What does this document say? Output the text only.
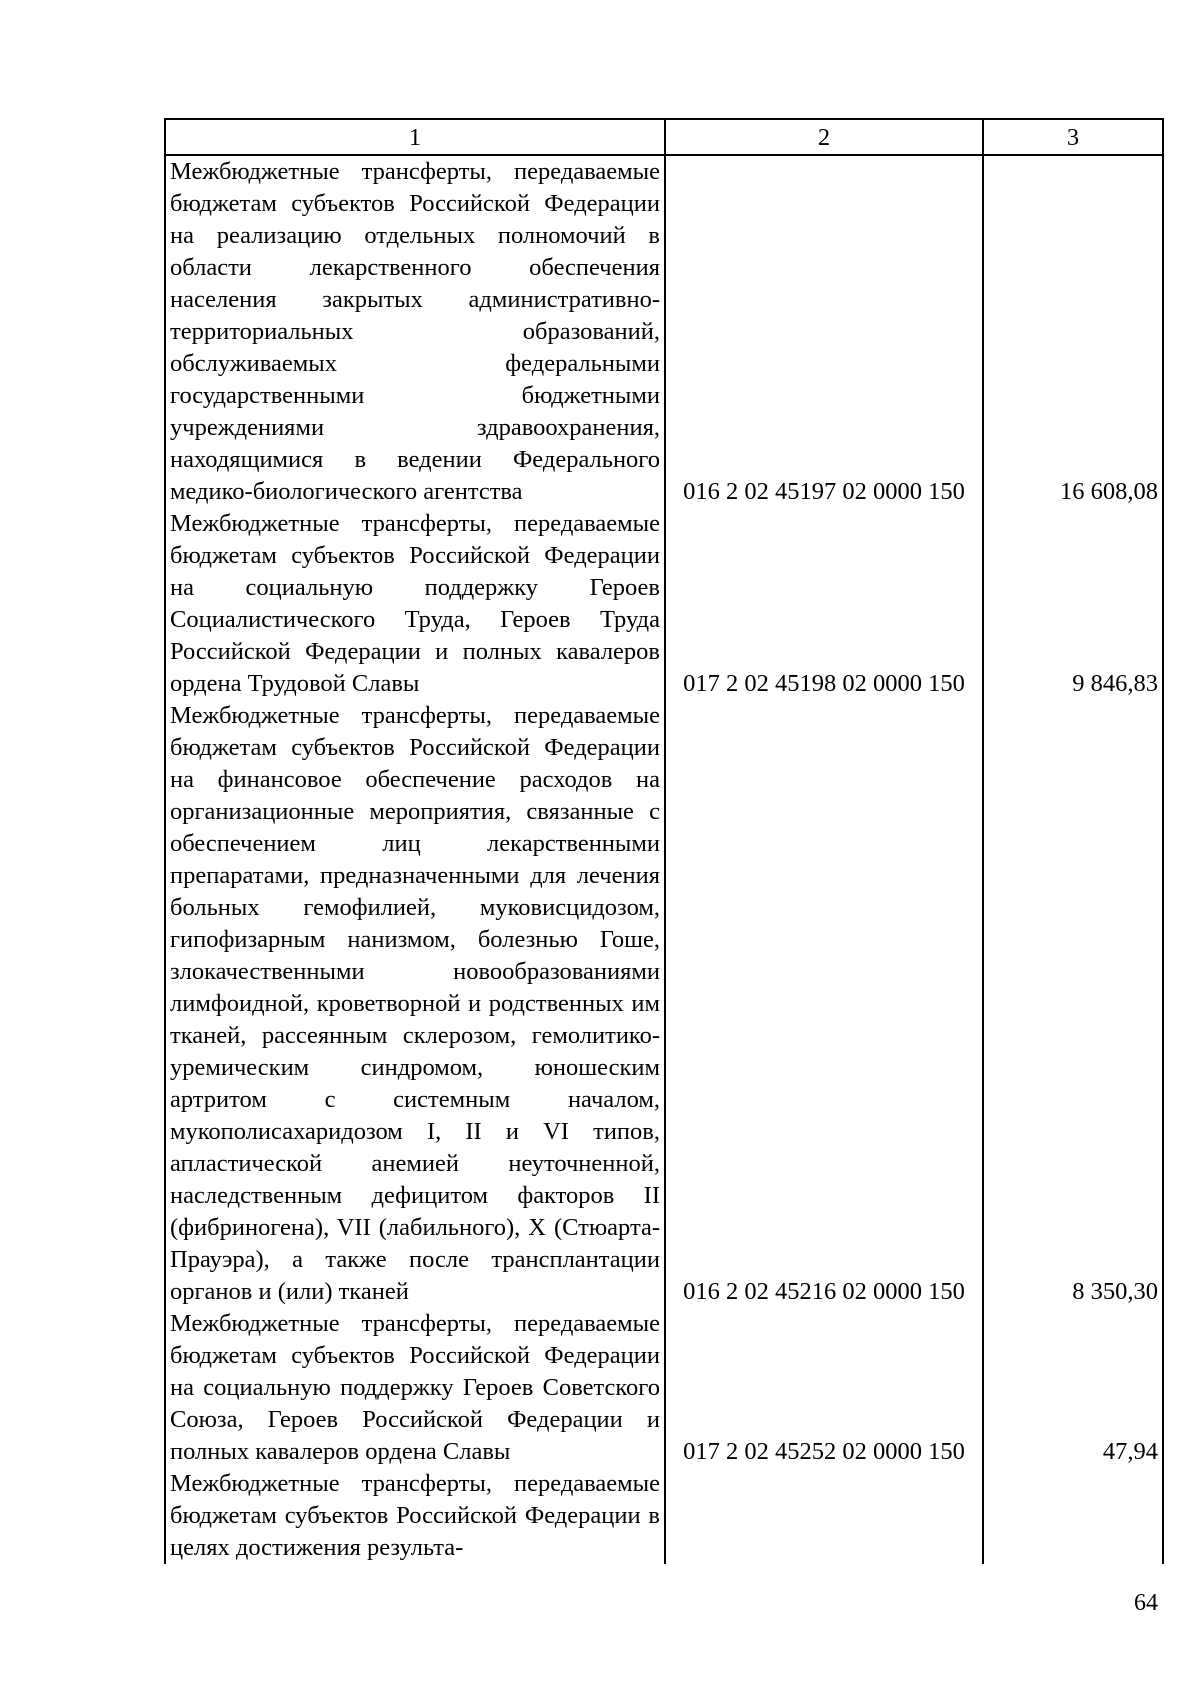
1	2	3
Межбюджетные трансферты, передаваемые бюджетам субъектов Российской Федерации на реализацию отдельных полномочий в области лекарственного обеспечения населения закрытых административно-территориальных образований, обслуживаемых федеральными государственными бюджетными учреждениями здравоохранения, находящимися в ведении Федерального медико-биологического агентства	016 2 02 45197 02 0000 150	16 608,08
Межбюджетные трансферты, передаваемые бюджетам субъектов Российской Федерации на социальную поддержку Героев Социалистического Труда, Героев Труда Российской Федерации и полных кавалеров ордена Трудовой Славы	017 2 02 45198 02 0000 150	9 846,83
Межбюджетные трансферты, передаваемые бюджетам субъектов Российской Федерации на финансовое обеспечение расходов на организационные мероприятия, связанные с обеспечением лиц лекарственными препаратами, предназначенными для лечения больных гемофилией, муковисцидозом, гипофизарным нанизмом, болезнью Гоше, злокачественными новообразованиями лимфоидной, кроветворной и родственных им тканей, рассеянным склерозом, гемолитико-уремическим синдромом, юношеским артритом с системным началом, мукополисахаридозом I, II и VI типов, апластической анемией неуточненной, наследственным дефицитом факторов II (фибриногена), VII (лабильного), X (Стюарта-Прауэра), а также после трансплантации органов и (или) тканей	016 2 02 45216 02 0000 150	8 350,30
Межбюджетные трансферты, передаваемые бюджетам субъектов Российской Федерации на социальную поддержку Героев Советского Союза, Героев Российской Федерации и полных кавалеров ордена Славы	017 2 02 45252 02 0000 150	47,94
Межбюджетные трансферты, передаваемые бюджетам субъектов Российской Федерации в целях достижения результа-		
64
